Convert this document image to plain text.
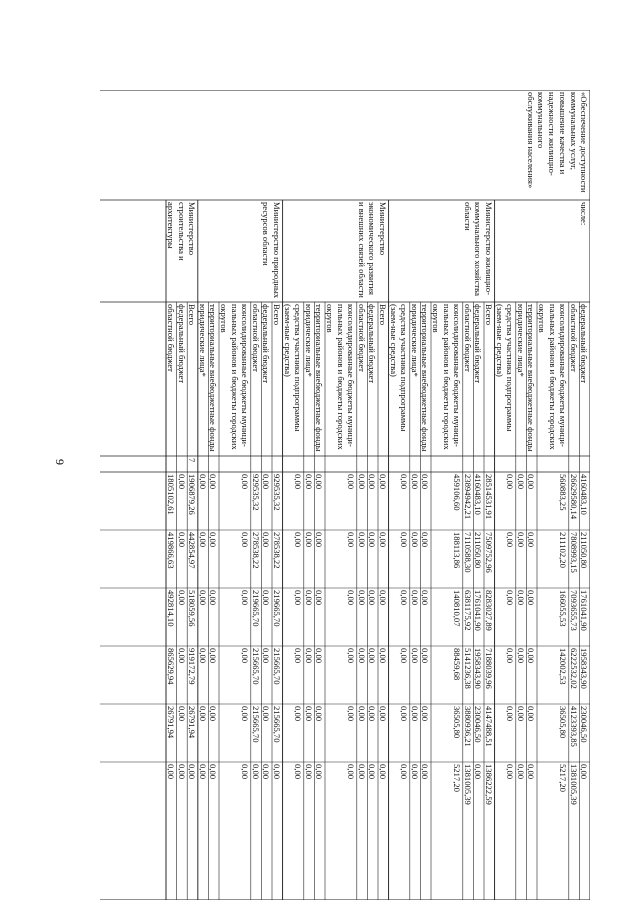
9
федеральный бюджет
4160483,10
211050,80
1761041,90
1958343,90
230046,50
0,00
областной бюджет
26629580,14
7808993,15
7093655,73
6222532,02
4123393,85
1381005,39
консолидированные бюджеты муници-пальных районов и бюджеты городских округов
560883,25
211102,20
166055,53
142002,53
36505,80
5217,20
территориальные внебюджетные фонды
0,00
0,00
0,00
0,00
0,00
0,00
юридические лица*
0,00
0,00
0,00
0,00
0,00
0,00
средства участника подпрограммы (заем-ные средства)
0,00
0,00
0,00
0,00
0,00
0,00
числе:
«Обеспечение доступности коммунальных услуг, повышение качества и надежности жилищно-коммунального обслуживания населения»
Всего
28514531,91
7509752,96
8283027,89
7188039,96
4147488,51
1386222,59
федеральный бюджет
4160483,10
211050,80
1761041,90
1958343,90
230046,50
0,00
областной бюджет
23894942,21
7110588,30
6381175,92
5141236,38
3880936,21
1381005,39
консолидированные бюджеты муници-пальных районов и бюджеты городских округов
459106,60
188113,86
140810,07
88459,68
36505,80
5217,20
территориальные внебюджетные фонды
0,00
0,00
0,00
0,00
0,00
0,00
юридические лица*
0,00
0,00
0,00
0,00
0,00
0,00
средства участника подпрограммы (заем-ные средства)
0,00
0,00
0,00
0,00
0,00
0,00
Министерство жилищно-коммунального хозяйства области
Всего
0,00
0,00
0,00
0,00
0,00
0,00
федеральный бюджет
0,00
0,00
0,00
0,00
0,00
0,00
областной бюджет
0,00
0,00
0,00
0,00
0,00
0,00
консолидированные бюджеты муници-пальных районов и бюджеты городских округов
0,00
0,00
0,00
0,00
0,00
0,00
территориальные внебюджетные фонды
0,00
0,00
0,00
0,00
0,00
0,00
юридические лица*
0,00
0,00
0,00
0,00
0,00
0,00
средства участника подпрограммы (заем-ные средства)
0,00
0,00
0,00
0,00
0,00
0,00
Министерство экономического развития и внешних связей области
Всего
929535,32
278538,22
219665,70
215665,70
215665,70
0,00
федеральный бюджет
0,00
0,00
0,00
0,00
0,00
0,00
областной бюджет
929535,32
278538,22
219665,70
215665,70
215665,70
0,00
консолидированные бюджеты муници-пальных районов и бюджеты городских округов
0,00
0,00
0,00
0,00
0,00
0,00
территориальные внебюджетные фонды
0,00
0,00
0,00
0,00
0,00
0,00
юридические лица*
0,00
0,00
0,00
0,00
0,00
0,00
Министерство природных ресурсов области
7
Всего
1906879,26
442854,97
518059,56
919172,79
26791,94
0,00
федеральный бюджет
0,00
0,00
0,00
0,00
0,00
0,00
областной бюджет
1805102,61
419866,63
492814,10
865629,94
26791,94
0,00
Министерство строительства и архитектуры
